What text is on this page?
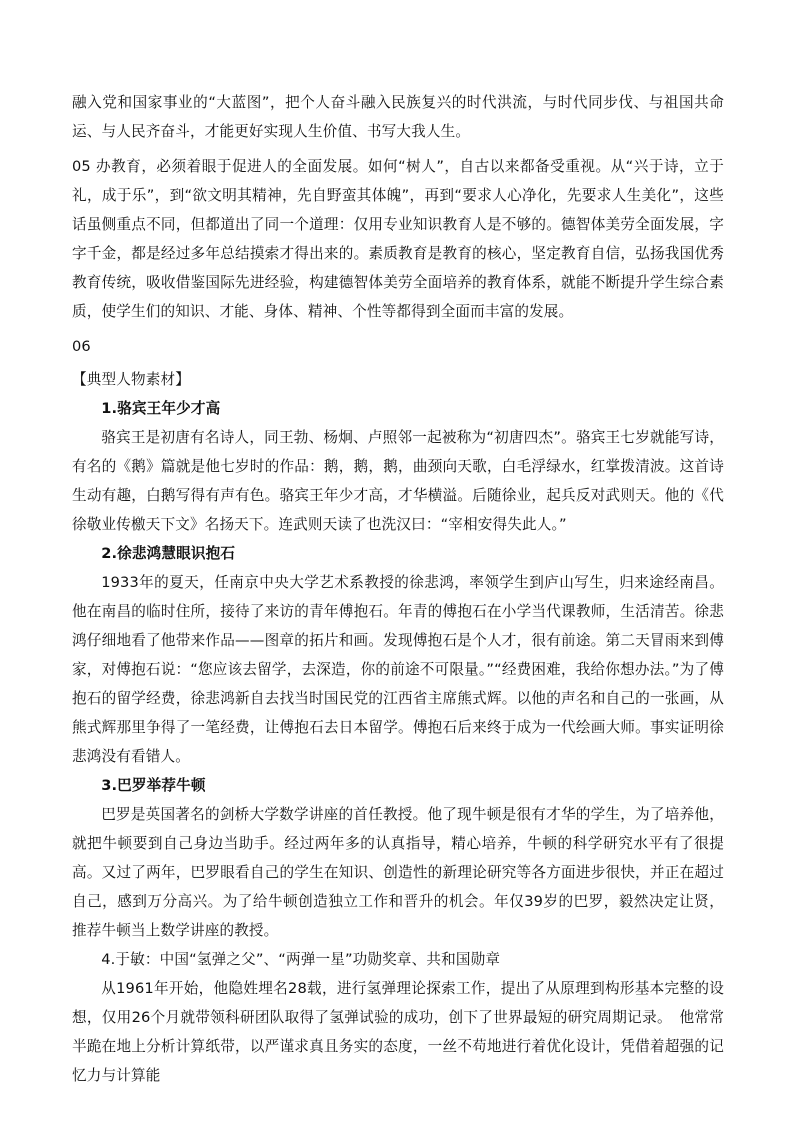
融入党和国家事业的“大蓝图”，把个人奋斗融入民族复兴的时代洪流，与时代同步伐、与祖国共命运、与人民齐奋斗，才能更好实现人生价值、书写大我人生。

05 办教育，必须着眼于促进人的全面发展。如何“树人”，自古以来都备受重视。从“兴于诗，立于礼，成于乐”，到“欲文明其精神，先自野蛮其体魄”，再到“要求人心净化，先要求人生美化”，这些话虽侧重点不同，但都道出了同一个道理：仅用专业知识教育人是不够的。德智体美劳全面发展，字字千金，都是经过多年总结摸索才得出来的。素质教育是教育的核心，坚定教育自信，弘扬我国优秀教育传统，吸收借鉴国际先进经验，构建德智体美劳全面培养的教育体系，就能不断提升学生综合素质，使学生们的知识、才能、身体、精神、个性等都得到全面而丰富的发展。

06

【典型人物素材】

1.骆宾王年少才高

骆宾王是初唐有名诗人，同王勃、杨炯、卢照邻一起被称为“初唐四杰”。骆宾王七岁就能写诗，有名的《鹅》篇就是他七岁时的作品：鹅，鹅，鹅，曲颈向天歌，白毛浮绿水，红掌拨清波。这首诗生动有趣，白鹅写得有声有色。骆宾王年少才高，才华横溢。后随徐业，起兵反对武则天。他的《代徐敬业传檄天下文》名扬天下。连武则天读了也洗汉曰：“宰相安得失此人。”

2.徐悲鸿慧眼识抱石

1933年的夏天，任南京中央大学艺术系教授的徐悲鸿，率领学生到庐山写生，归来途经南昌。他在南昌的临时住所，接待了来访的青年傅抱石。年青的傅抱石在小学当代课教师，生活清苦。徐悲鸿仔细地看了他带来作品——图章的拓片和画。发现傅抱石是个人才，很有前途。第二天冒雨来到傅家，对傅抱石说：“您应该去留学，去深造，你的前途不可限量。”“经费困难，我给你想办法。”为了傅抱石的留学经费，徐悲鸿新自去找当时国民党的江西省主席熊式辉。以他的声名和自己的一张画，从熊式辉那里争得了一笔经费，让傅抱石去日本留学。傅抱石后来终于成为一代绘画大师。事实证明徐悲鸿没有看错人。

3.巴罗举荐牛顿

巴罗是英国著名的剑桥大学数学讲座的首任教授。他了现牛顿是很有才华的学生，为了培养他，就把牛顿要到自己身边当助手。经过两年多的认真指导，精心培养，牛顿的科学研究水平有了很提高。又过了两年，巴罗眼看自己的学生在知识、创造性的新理论研究等各方面进步很快，并正在超过自己，感到万分高兴。为了给牛顿创造独立工作和晋升的机会。年仅39岁的巴罗，毅然决定让贤，推荐牛顿当上数学讲座的教授。

4.于敏：中国“氢弹之父”、“两弹一星”功勋奖章、共和国勋章

从1961年开始，他隐姓埋名28载，进行氢弹理论探索工作，提出了从原理到构形基本完整的设想，仅用26个月就带领科研团队取得了氢弹试验的成功，创下了世界最短的研究周期记录。　他常常半跪在地上分析计算纸带，以严谨求真且务实的态度，一丝不苟地进行着优化设计，凭借着超强的记忆力与计算能
